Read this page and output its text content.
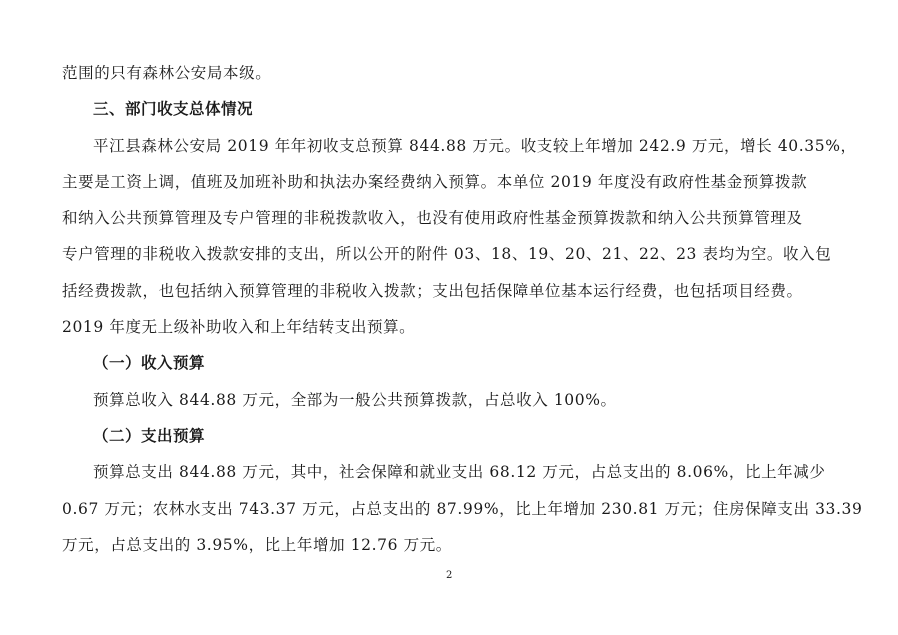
范围的只有森林公安局本级。
三、部门收支总体情况
平江县森林公安局 2019 年年初收支总预算 844.88 万元。收支较上年增加 242.9 万元，增长 40.35%，
主要是工资上调，值班及加班补助和执法办案经费纳入预算。本单位 2019 年度没有政府性基金预算拨款
和纳入公共预算管理及专户管理的非税拨款收入，也没有使用政府性基金预算拨款和纳入公共预算管理及
专户管理的非税收入拨款安排的支出，所以公开的附件 03、18、19、20、21、22、23 表均为空。收入包
括经费拨款，也包括纳入预算管理的非税收入拨款；支出包括保障单位基本运行经费，也包括项目经费。
2019 年度无上级补助收入和上年结转支出预算。
（一）收入预算
预算总收入 844.88 万元，全部为一般公共预算拨款，占总收入 100%。
（二）支出预算
预算总支出 844.88 万元，其中，社会保障和就业支出 68.12 万元，占总支出的 8.06%，比上年减少
0.67 万元；农林水支出 743.37 万元，占总支出的 87.99%，比上年增加 230.81 万元；住房保障支出 33.39
万元，占总支出的 3.95%，比上年增加 12.76 万元。
2
